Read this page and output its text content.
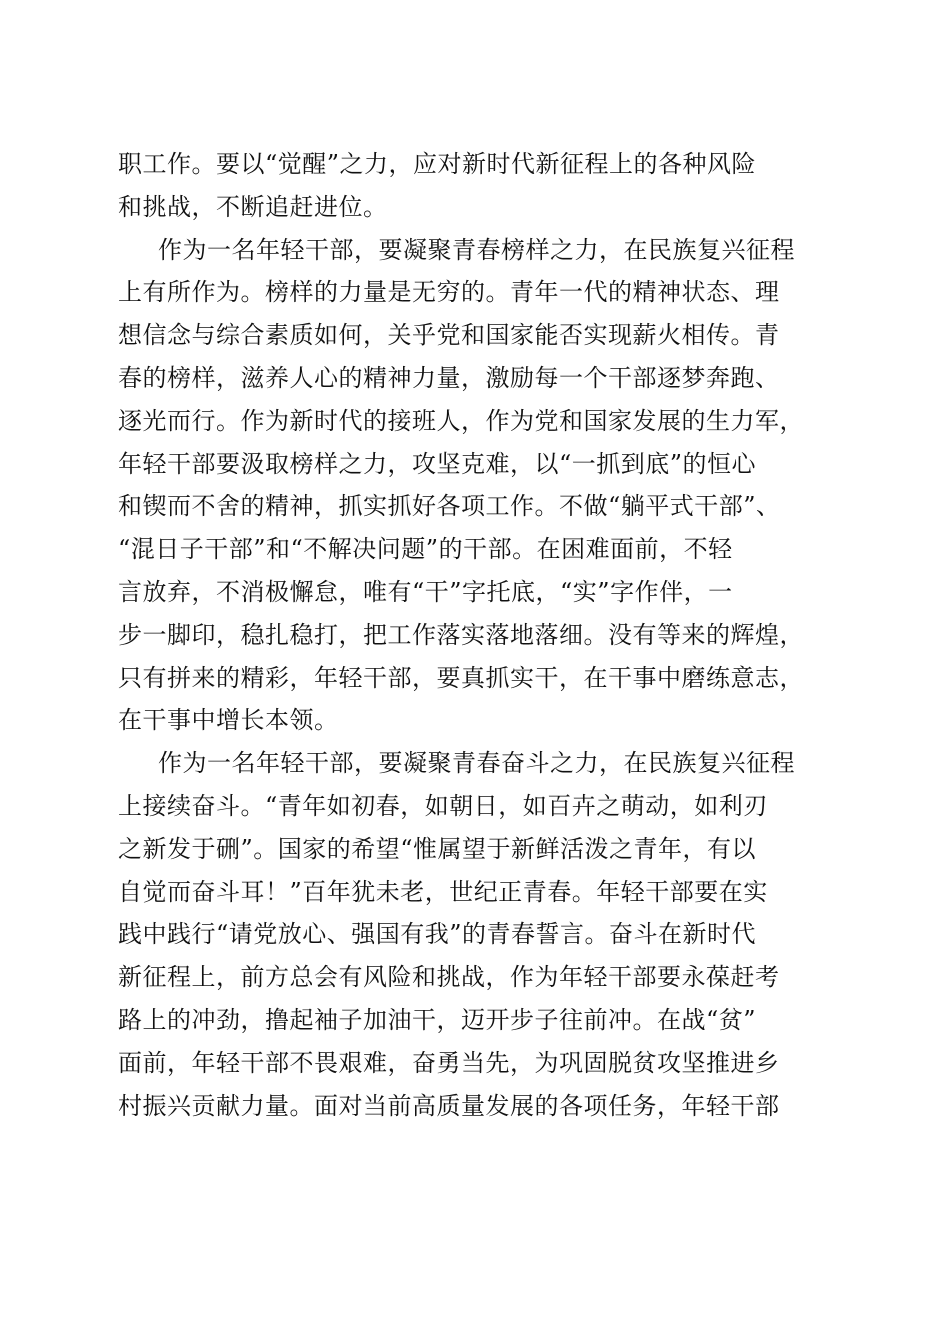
职工作。要以“觉醒”之力，应对新时代新征程上的各种风险
和挑战，不断追赶进位。
作为一名年轻干部，要凝聚青春榜样之力，在民族复兴征程
上有所作为。榜样的力量是无穷的。青年一代的精神状态、理
想信念与综合素质如何，关乎党和国家能否实现薪火相传。青
春的榜样，滋养人心的精神力量，激励每一个干部逐梦奔跑、
逐光而行。作为新时代的接班人，作为党和国家发展的生力军，
年轻干部要汲取榜样之力，攻坚克难，以“一抓到底”的恒心
和锲而不舍的精神，抓实抓好各项工作。不做“躺平式干部”、
“混日子干部”和“不解决问题”的干部。在困难面前，不轻
言放弃，不消极懈怠，唯有“干”字托底，“实”字作伴，一
步一脚印，稳扎稳打，把工作落实落地落细。没有等来的辉煌，
只有拼来的精彩，年轻干部，要真抓实干，在干事中磨练意志，
在干事中增长本领。
作为一名年轻干部，要凝聚青春奋斗之力，在民族复兴征程
上接续奋斗。“青年如初春，如朝日，如百卉之萌动，如利刃
之新发于硎”。国家的希望“惟属望于新鲜活泼之青年，有以
自觉而奋斗耳！”百年犹未老，世纪正青春。年轻干部要在实
践中践行“请党放心、强国有我”的青春誓言。奋斗在新时代
新征程上，前方总会有风险和挑战，作为年轻干部要永葆赶考
路上的冲劲，撸起袖子加油干，迈开步子往前冲。在战“贫”
面前，年轻干部不畏艰难，奋勇当先，为巩固脱贫攻坚推进乡
村振兴贡献力量。面对当前高质量发展的各项任务，年轻干部
